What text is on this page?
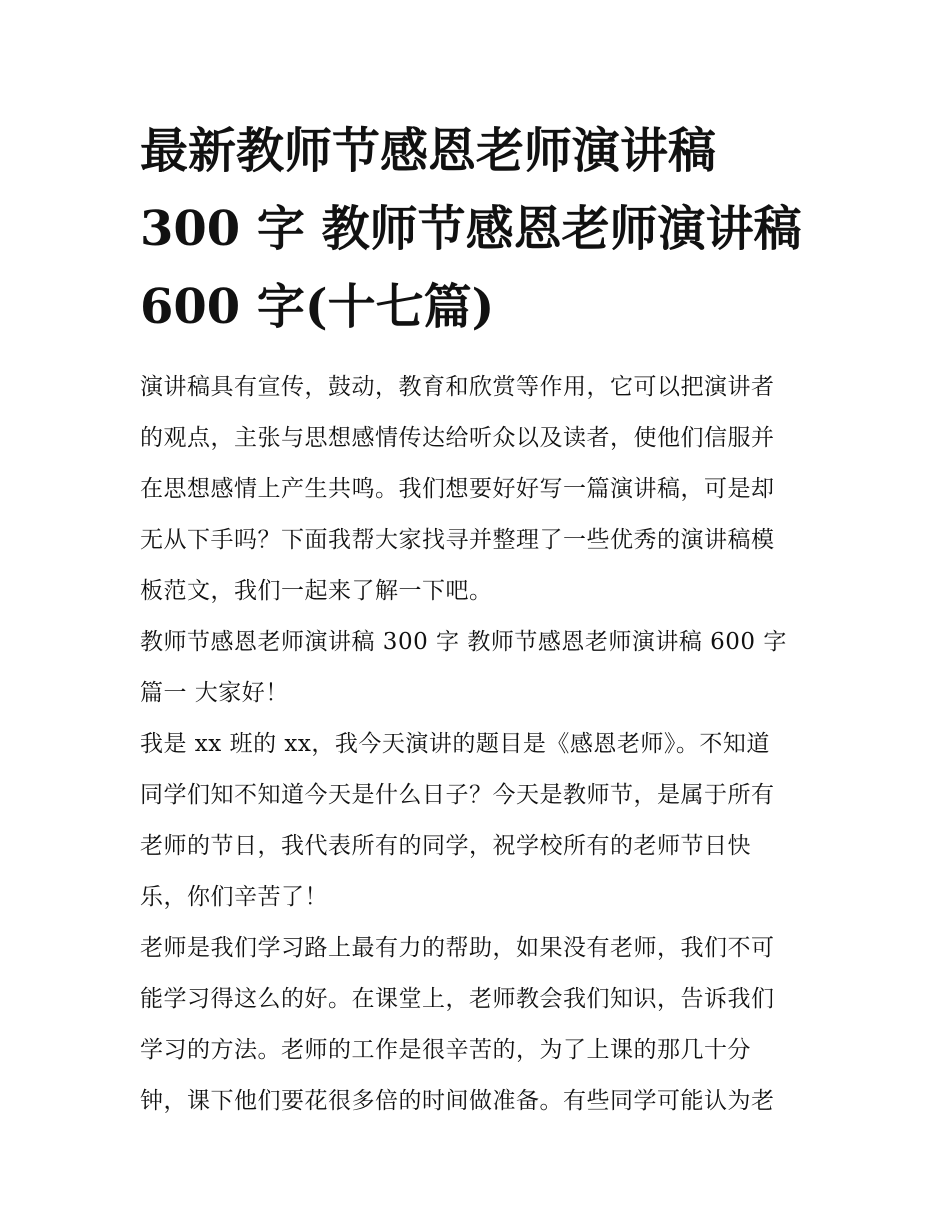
最新教师节感恩老师演讲稿
300 字 教师节感恩老师演讲稿
600 字(十七篇)
演讲稿具有宣传，鼓动，教育和欣赏等作用，它可以把演讲者
的观点，主张与思想感情传达给听众以及读者，使他们信服并
在思想感情上产生共鸣。我们想要好好写一篇演讲稿，可是却
无从下手吗？下面我帮大家找寻并整理了一些优秀的演讲稿模
板范文，我们一起来了解一下吧。
教师节感恩老师演讲稿 300 字 教师节感恩老师演讲稿 600 字
篇一 大家好！
我是 xx 班的 xx，我今天演讲的题目是《感恩老师》。不知道
同学们知不知道今天是什么日子？今天是教师节，是属于所有
老师的节日，我代表所有的同学，祝学校所有的老师节日快
乐，你们辛苦了！
老师是我们学习路上最有力的帮助，如果没有老师，我们不可
能学习得这么的好。在课堂上，老师教会我们知识，告诉我们
学习的方法。老师的工作是很辛苦的，为了上课的那几十分
钟，课下他们要花很多倍的时间做准备。有些同学可能认为老
